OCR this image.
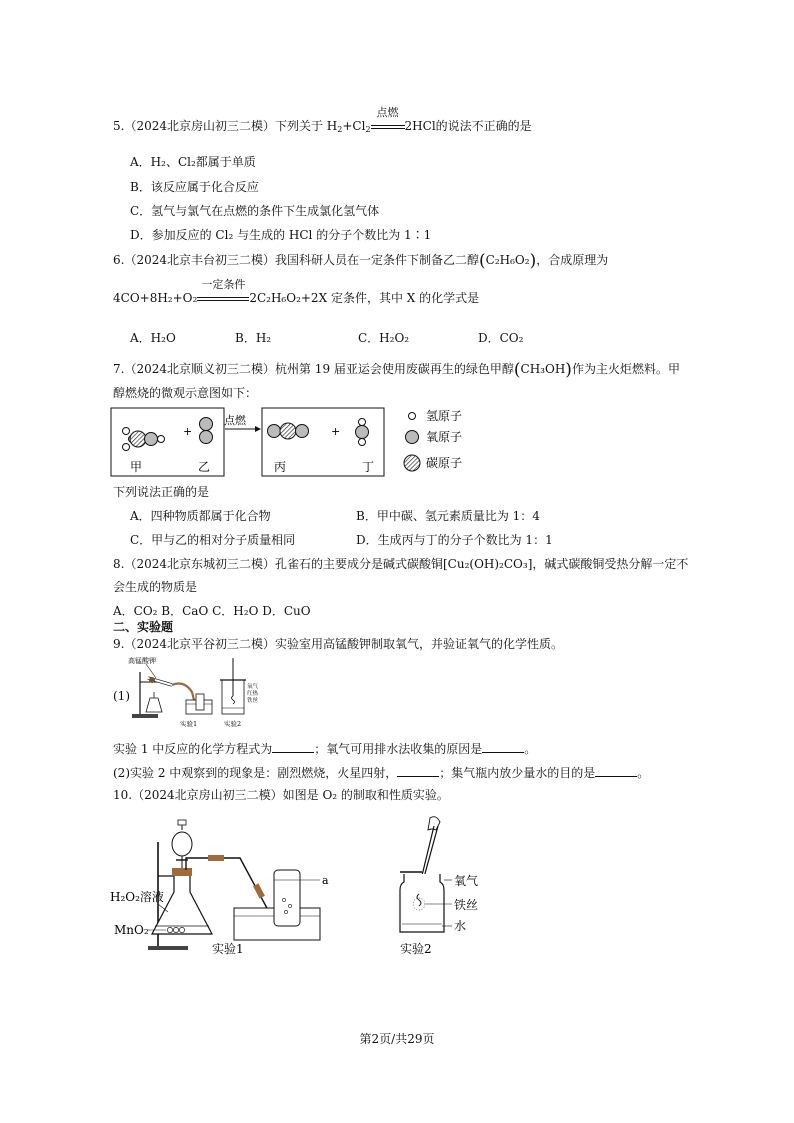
5.（2024北京房山初三二模）下列关于 $H_2+Cl_2$
点燃
2HCl的说法不正确的是
A．H₂、Cl₂都属于单质
B．该反应属于化合反应
C．氢气与氯气在点燃的条件下生成氯化氢气体
D．参加反应的 Cl₂ 与生成的 HCl 的分子个数比为 1∶1
6.（2024北京丰台初三二模）我国科研人员在一定条件下制备乙二醇(C₂H₆O₂)，合成原理为
4CO+8H₂+O₂
一定条件
2C₂H₆O₂+2X 定条件，其中 X 的化学式是
A．H₂O	B．H₂	C．H₂O₂	D．CO₂
7.（2024北京顺义初三二模）杭州第 19 届亚运会使用废碳再生的绿色甲醇(CH₃OH)作为主火炬燃料。甲
醇燃烧的微观示意图如下：
+
甲	乙
点燃
+
丙	丁
氢原子
氧原子
碳原子
下列说法正确的是
A．四种物质都属于化合物	B．甲中碳、氢元素质量比为 1：4
C．甲与乙的相对分子质量相同	D．生成丙与丁的分子个数比为 1：1
8.（2024北京东城初三二模）孔雀石的主要成分是碱式碳酸铜[Cu₂(OH)₂CO₃]，碱式碳酸铜受热分解一定不
会生成的物质是
A．CO₂ B．CaO C．H₂O D．CuO
二、实验题
9.（2024北京平谷初三二模）实验室用高锰酸钾制取氧气，并验证氧气的化学性质。
(1)
高锰酸钾
实验1
氧气
红热
铁丝
实验2
实验 1 中反应的化学方程式为	；氧气可用排水法收集的原因是	。
(2)实验 2 中观察到的现象是：剧烈燃烧，火星四射，	；集气瓶内放少量水的目的是	。
10.（2024北京房山初三二模）如图是 O₂ 的制取和性质实验。
a
H₂O₂溶液
MnO₂
实验1
氧气
铁丝
水
实验2
第2页/共29页
